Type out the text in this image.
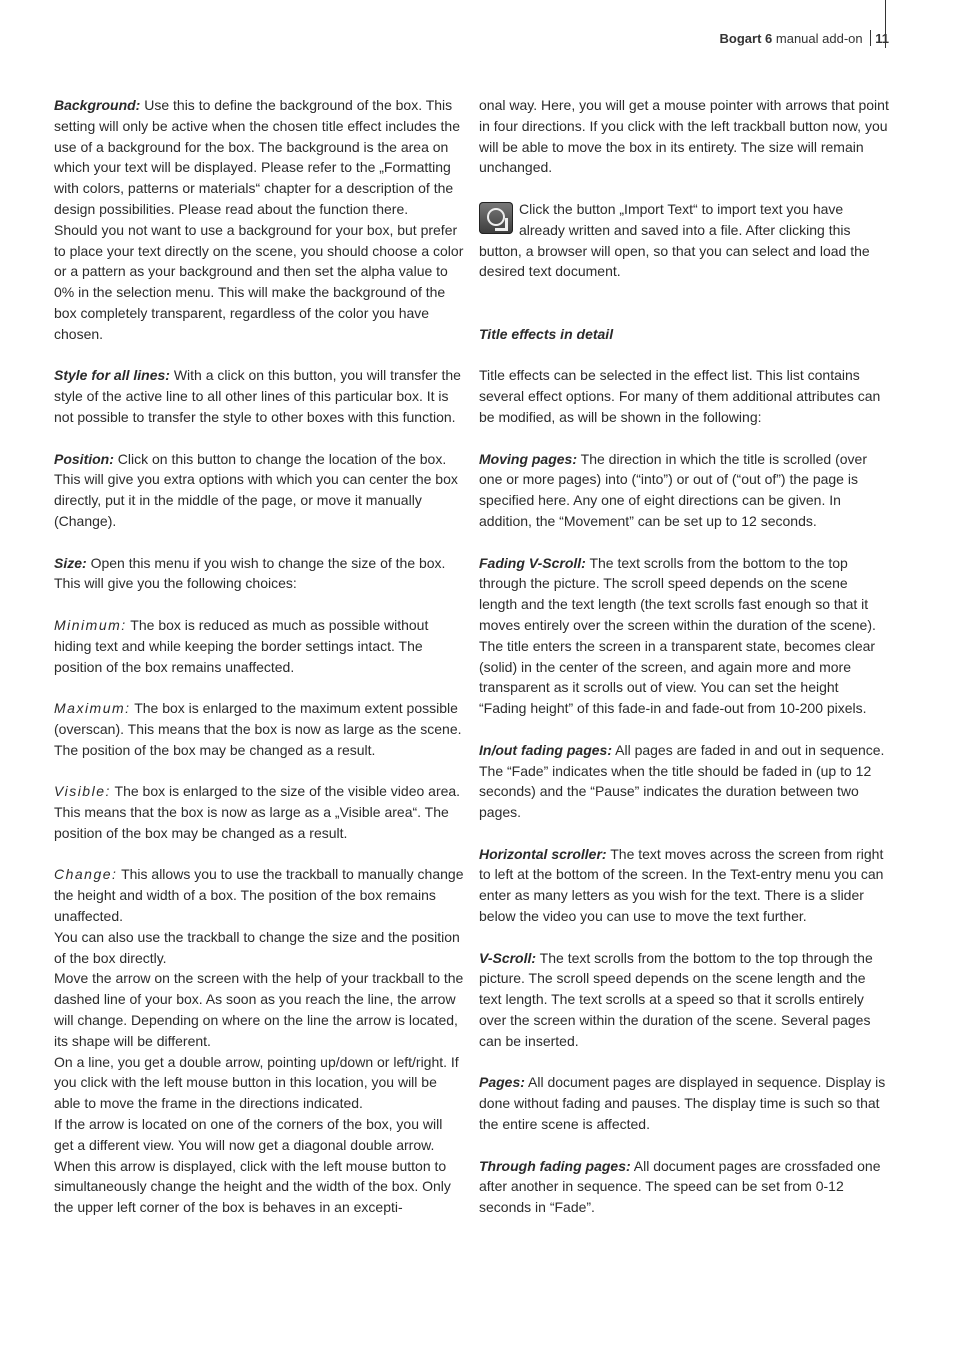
Bogart 6 manual add-on 11

Background: Use this to define the background of the box. This setting will only be active when the chosen title effect includes the use of a background for the box. The background is the area on which your text will be displayed. Please refer to the „Formatting with colors, patterns or materials“ chapter for a description of the design possibilities. Please read about the function there.

Should you not want to use a background for your box, but prefer to place your text directly on the scene, you should choose a color or a pattern as your background and then set the alpha value to 0% in the selection menu. This will make the background of the box completely transparent, regardless of the color you have chosen.

Style for all lines: With a click on this button, you will transfer the style of the active line to all other lines of this particular box. It is not possible to transfer the style to other boxes with this function.

Position: Click on this button to change the location of the box. This will give you extra options with which you can center the box directly, put it in the middle of the page, or move it manually (Change).

Size: Open this menu if you wish to change the size of the box. This will give you the following choices:

Minimum: The box is reduced as much as possible without hiding text and while keeping the border settings intact. The position of the box remains unaffected.

Maximum: The box is enlarged to the maximum extent possible (overscan). This means that the box is now as large as the scene. The position of the box may be changed as a result.

Visible: The box is enlarged to the size of the visible video area. This means that the box is now as large as a „Visible area“. The position of the box may be changed as a result.

Change: This allows you to use the trackball to manually change the height and width of a box. The position of the box remains unaffected.

You can also use the trackball to change the size and the position of the box directly.

Move the arrow on the screen with the help of your trackball to the dashed line of your box. As soon as you reach the line, the arrow will change. Depending on where on the line the arrow is located, its shape will be different.

On a line, you get a double arrow, pointing up/down or left/right. If you click with the left mouse button in this location, you will be able to move the frame in the directions indicated.

If the arrow is located on one of the corners of the box, you will get a different view. You will now get a diagonal double arrow. When this arrow is displayed, click with the left mouse button to simultaneously change the height and the width of the box. Only the upper left corner of the box is behaves in an excepti-

onal way. Here, you will get a mouse pointer with arrows that point in four directions. If you click with the left trackball button now, you will be able to move the box in its entirety. The size will remain unchanged.

Click the button „Import Text“ to import text you have already written and saved into a file. After clicking this button, a browser will open, so that you can select and load the desired text document.

Title effects in detail

Title effects can be selected in the effect list. This list contains several effect options. For many of them additional attributes can be modified, as will be shown in the following:

Moving pages: The direction in which the title is scrolled (over one or more pages) into (“into”) or out of (“out of”) the page is specified here. Any one of eight directions can be given. In addition, the “Movement” can be set up to 12 seconds.

Fading V-Scroll: The text scrolls from the bottom to the top through the picture. The scroll speed depends on the scene length and the text length (the text scrolls fast enough so that it moves entirely over the screen within the duration of the scene). The title enters the screen in a transparent state, becomes clear (solid) in the center of the screen, and again more and more transparent as it scrolls out of view. You can set the height “Fading height” of this fade-in and fade-out from 10-200 pixels.

In/out fading pages: All pages are faded in and out in sequence. The “Fade” indicates when the title should be faded in (up to 12 seconds) and the “Pause” indicates the duration between two pages.

Horizontal scroller: The text moves across the screen from right to left at the bottom of the screen. In the Text-entry menu you can enter as many letters as you wish for the text. There is a slider below the video you can use to move the text further.

V-Scroll: The text scrolls from the bottom to the top through the picture. The scroll speed depends on the scene length and the text length. The text scrolls at a speed so that it scrolls entirely over the screen within the duration of the scene. Several pages can be inserted.

Pages: All document pages are displayed in sequence. Display is done without fading and pauses. The display time is such so that the entire scene is affected.

Through fading pages: All document pages are crossfaded one after another in sequence. The speed can be set from 0-12 seconds in “Fade”.
